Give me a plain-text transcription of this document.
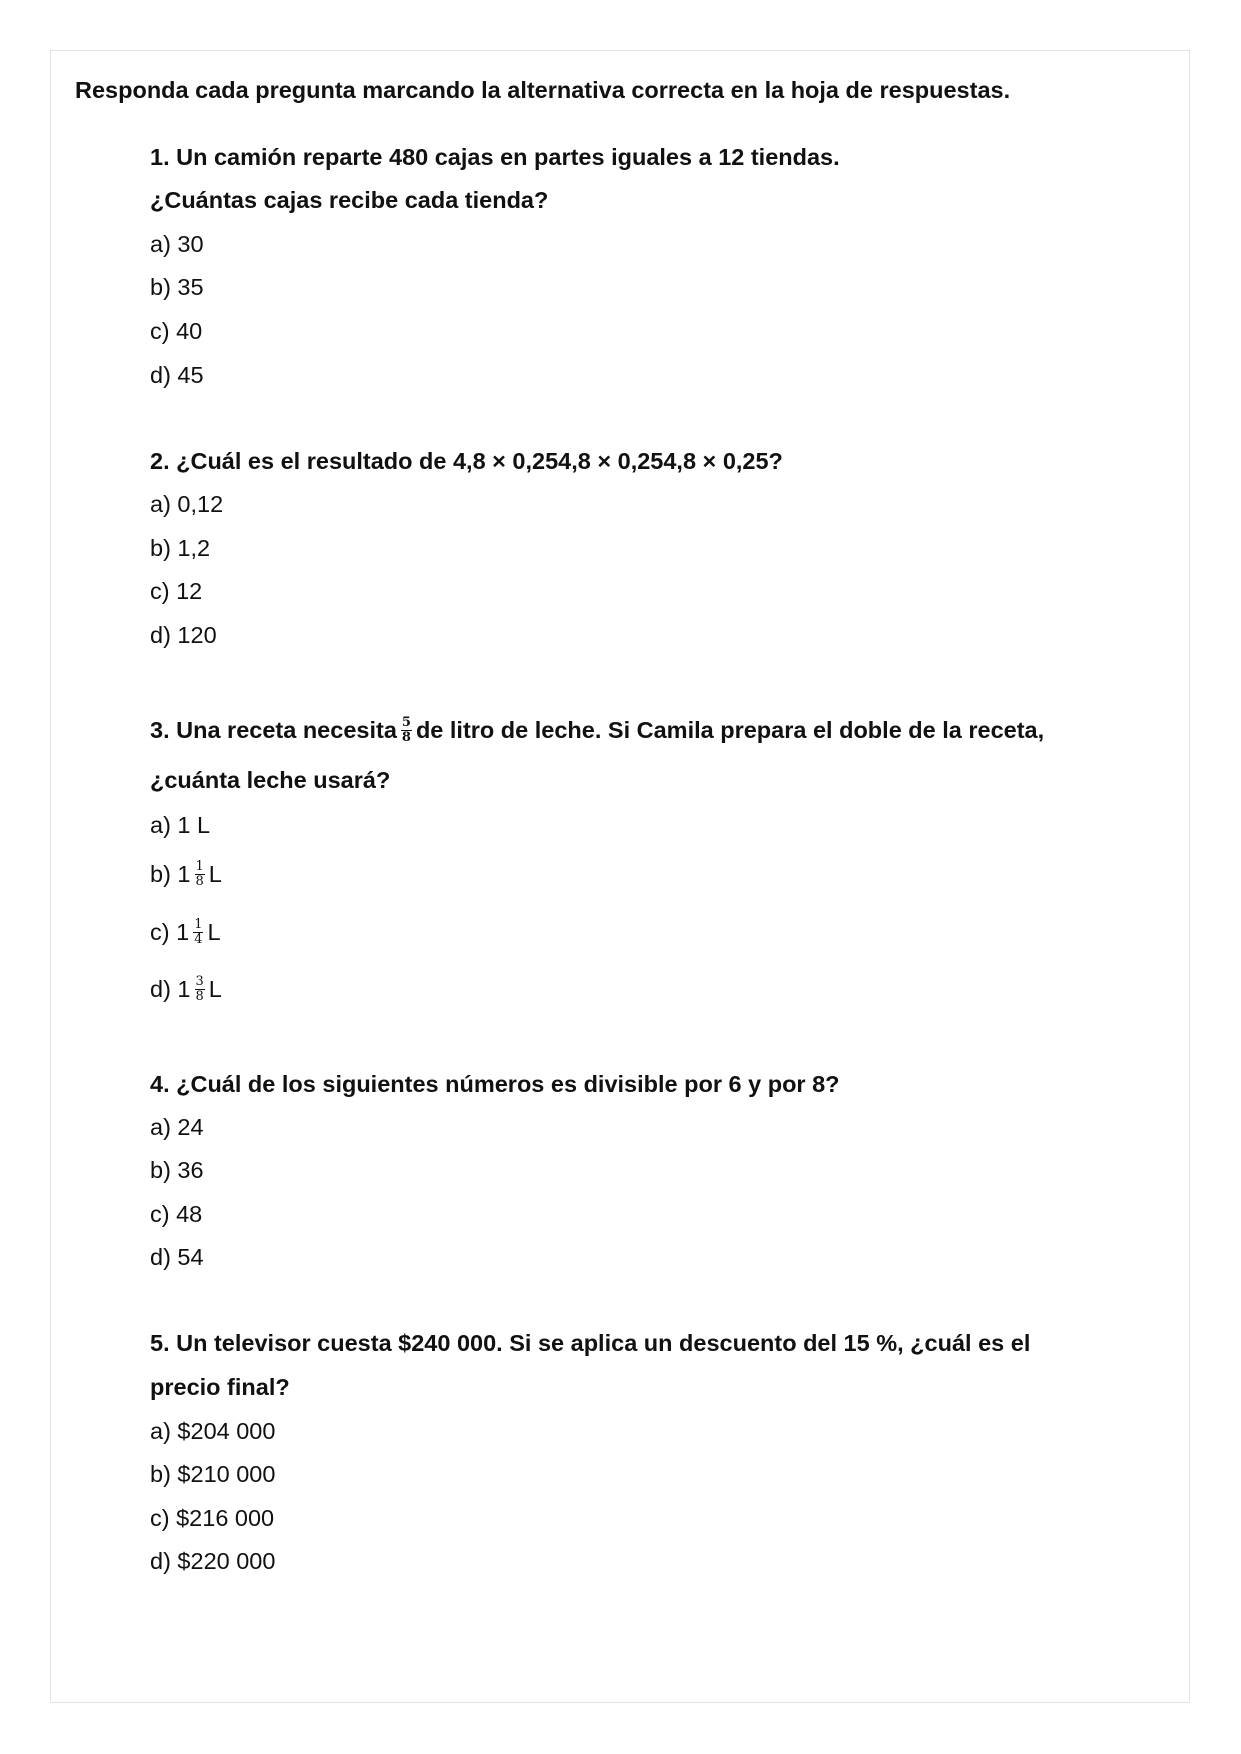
Responda cada pregunta marcando la alternativa correcta en la hoja de respuestas.
1. Un camión reparte 480 cajas en partes iguales a 12 tiendas.
¿Cuántas cajas recibe cada tienda?
a) 30
b) 35
c) 40
d) 45
2. ¿Cuál es el resultado de 4,8 × 0,254,8 × 0,254,8 × 0,25?
a) 0,12
b) 1,2
c) 12
d) 120
3. Una receta necesita $\frac{5}{8}$ de litro de leche. Si Camila prepara el doble de la receta,
¿cuánta leche usará?
a) 1 L
b) $1 \frac{1}{8}$ L
c) $1 \frac{1}{4}$ L
d) $1 \frac{3}{8}$ L
4. ¿Cuál de los siguientes números es divisible por 6 y por 8?
a) 24
b) 36
c) 48
d) 54
5. Un televisor cuesta $240 000. Si se aplica un descuento del 15 %, ¿cuál es el
precio final?
a) $204 000
b) $210 000
c) $216 000
d) $220 000
